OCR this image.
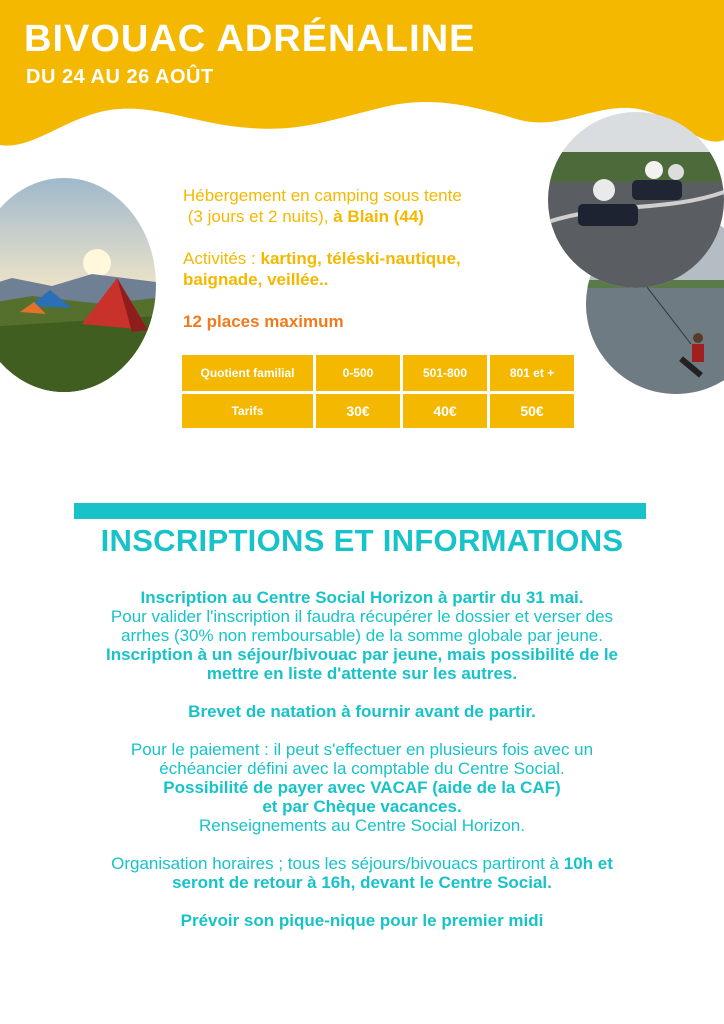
BIVOUAC ADRÉNALINE

DU 24 AU 26 AOÛT

Hébergement en camping sous tente

(3 jours et 2 nuits), à Blain (44)

Activités : karting, téléski-nautique,

baignade, veillée..

12 places maximum
Quotient familial	0-500	501-800	801 et +
Tarifs	30€	40€	50€
INSCRIPTIONS ET INFORMATIONS

Inscription au Centre Social Horizon à partir du 31 mai.

Pour valider l'inscription il faudra récupérer le dossier et verser des

arrhes (30% non remboursable) de la somme globale par jeune.

Inscription à un séjour/bivouac par jeune, mais possibilité de le

mettre en liste d'attente sur les autres.

Brevet de natation à fournir avant de partir.

Pour le paiement : il peut s'effectuer en plusieurs fois avec un

échéancier défini avec la comptable du Centre Social.

Possibilité de payer avec VACAF (aide de la CAF)

et par Chèque vacances.

Renseignements au Centre Social Horizon.

Organisation horaires ; tous les séjours/bivouacs partiront à 10h et

seront de retour à 16h, devant le Centre Social.

Prévoir son pique-nique pour le premier midi
